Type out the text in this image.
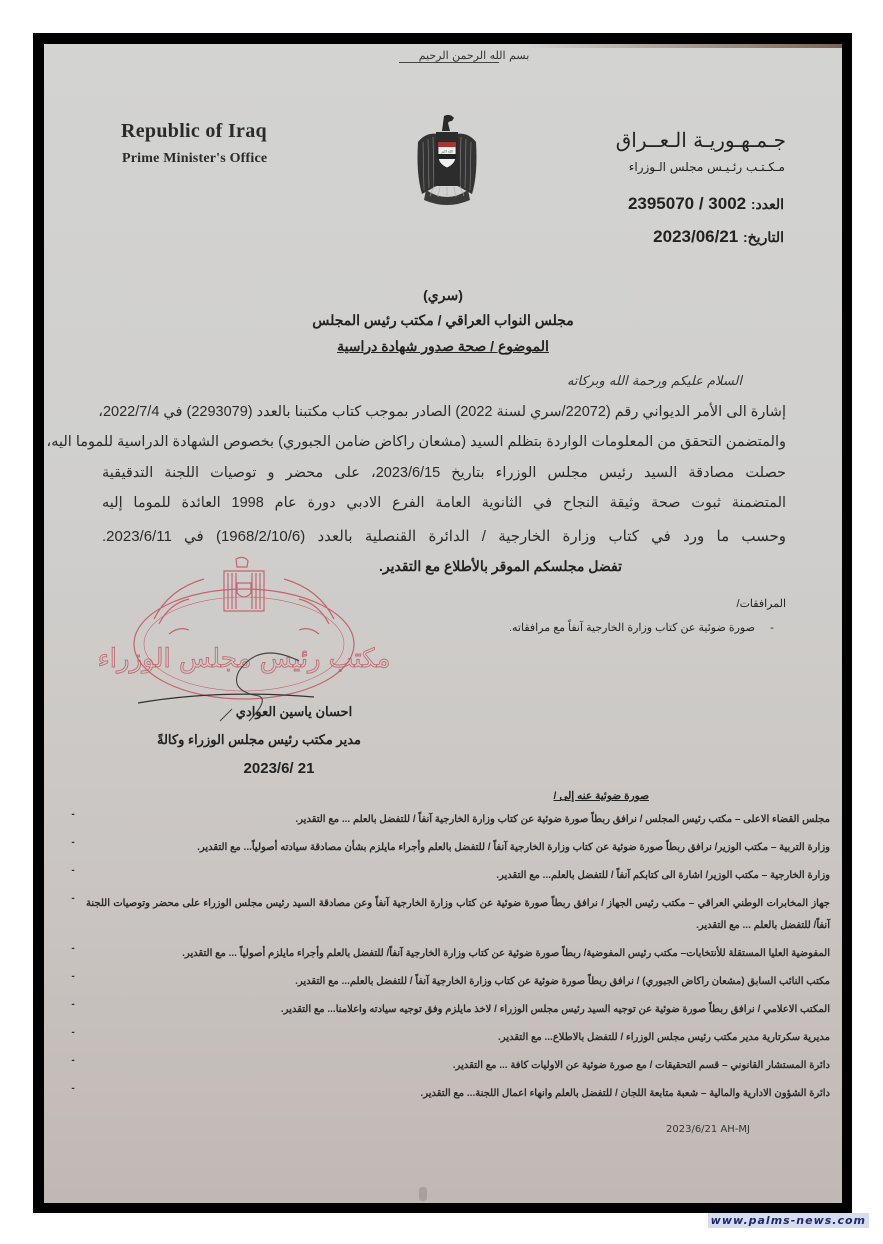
بسم الله الرحمن الرحيم
Republic of Iraq
Prime Minister's Office	الله اكبر	جـمـهـوريـة الـعــراق
مـكـتـب رئـيـس مجلس الـوزراء
العدد: 2395070 / 3002
التاريخ: 2023/06/21
(سري)
مجلس النواب العراقي / مكتب رئيس المجلس
الموضوع / صحة صدور شهادة دراسية
السلام عليكم ورحمة الله وبركاته
إشارة الى الأمر الديواني رقم (22072/سري لسنة 2022) الصادر بموجب كتاب مكتبنا بالعدد (2293079) في 2022/7/4،
والمتضمن التحقق من المعلومات الواردة بتظلم السيد (مشعان راكاض ضامن الجبوري) بخصوص الشهادة الدراسية للموما اليه،
حصلت مصادقة السيد رئيس مجلس الوزراء بتاريخ 2023/6/15، على محضر و توصيات اللجنة التدقيقية
المتضمنة ثبوت صحة وثيقة النجاح في الثانوية العامة الفرع الادبي دورة عام 1998 العائدة للموما إليه
وحسب ما ورد في كتاب وزارة الخارجية / الدائرة القنصلية بالعدد (1968/2/10/6) في 2023/6/11.
تفضل مجلسكم الموقر بالأطلاع مع التقدير.
المرافقات/
- صورة ضوئية عن كتاب وزارة الخارجية آنفاً مع مرافقاته.
مكتب رئيس مجلس الوزراء
احسان ياسين العوادي
مدير مكتب رئيس مجلس الوزراء وكالةً
2023/6/ 21
صورة ضوئية عنه إلى /
-	مجلس القضاء الاعلى – مكتب رئيس المجلس / نرافق ربطاً صورة ضوئية عن كتاب وزارة الخارجية آنفاً / للتفضل بالعلم ... مع التقدير.
-	وزارة التربية – مكتب الوزير/ نرافق ربطاً صورة ضوئية عن كتاب وزارة الخارجية آنفاً / للتفضل بالعلم وأجراء مايلزم بشأن مصادقة سيادته أصولياً... مع التقدير.
-	وزارة الخارجية – مكتب الوزير/ اشارة الى كتابكم آنفاً / للتفضل بالعلم... مع التقدير.
-	جهاز المخابرات الوطني العراقي – مكتب رئيس الجهاز / نرافق ربطاً صورة ضوئية عن كتاب وزارة الخارجية آنفاً وعن مصادقة السيد رئيس مجلس الوزراء على محضر وتوصيات اللجنة آنفاً/ للتفضل بالعلم ... مع التقدير.
-	المفوضية العليا المستقلة للأنتخابات– مكتب رئيس المفوضية/ ربطاً صورة ضوئية عن كتاب وزارة الخارجية آنفاً/ للتفضل بالعلم وأجراء مايلزم أصولياً ... مع التقدير.
-	مكتب النائب السابق (مشعان راكاض الجبوري) / نرافق ربطاً صورة ضوئية عن كتاب وزارة الخارجية آنفاً / للتفضل بالعلم... مع التقدير.
-	المكتب الاعلامي / نرافق ربطاً صورة ضوئية عن توجيه السيد رئيس مجلس الوزراء / لاخذ مايلزم وفق توجيه سيادته واعلامنا... مع التقدير.
-	مديرية سكرتارية مدير مكتب رئيس مجلس الوزراء / للتفضل بالاطلاع... مع التقدير.
-	دائرة المستشار القانوني – قسم التحقيقات / مع صورة ضوئية عن الاوليات كافة ... مع التقدير.
-	دائرة الشؤون الادارية والمالية – شعبة متابعة اللجان / للتفضل بالعلم وانهاء اعمال اللجنة... مع التقدير.
2023/6/21 AH-MJ
www.palms-news.com
